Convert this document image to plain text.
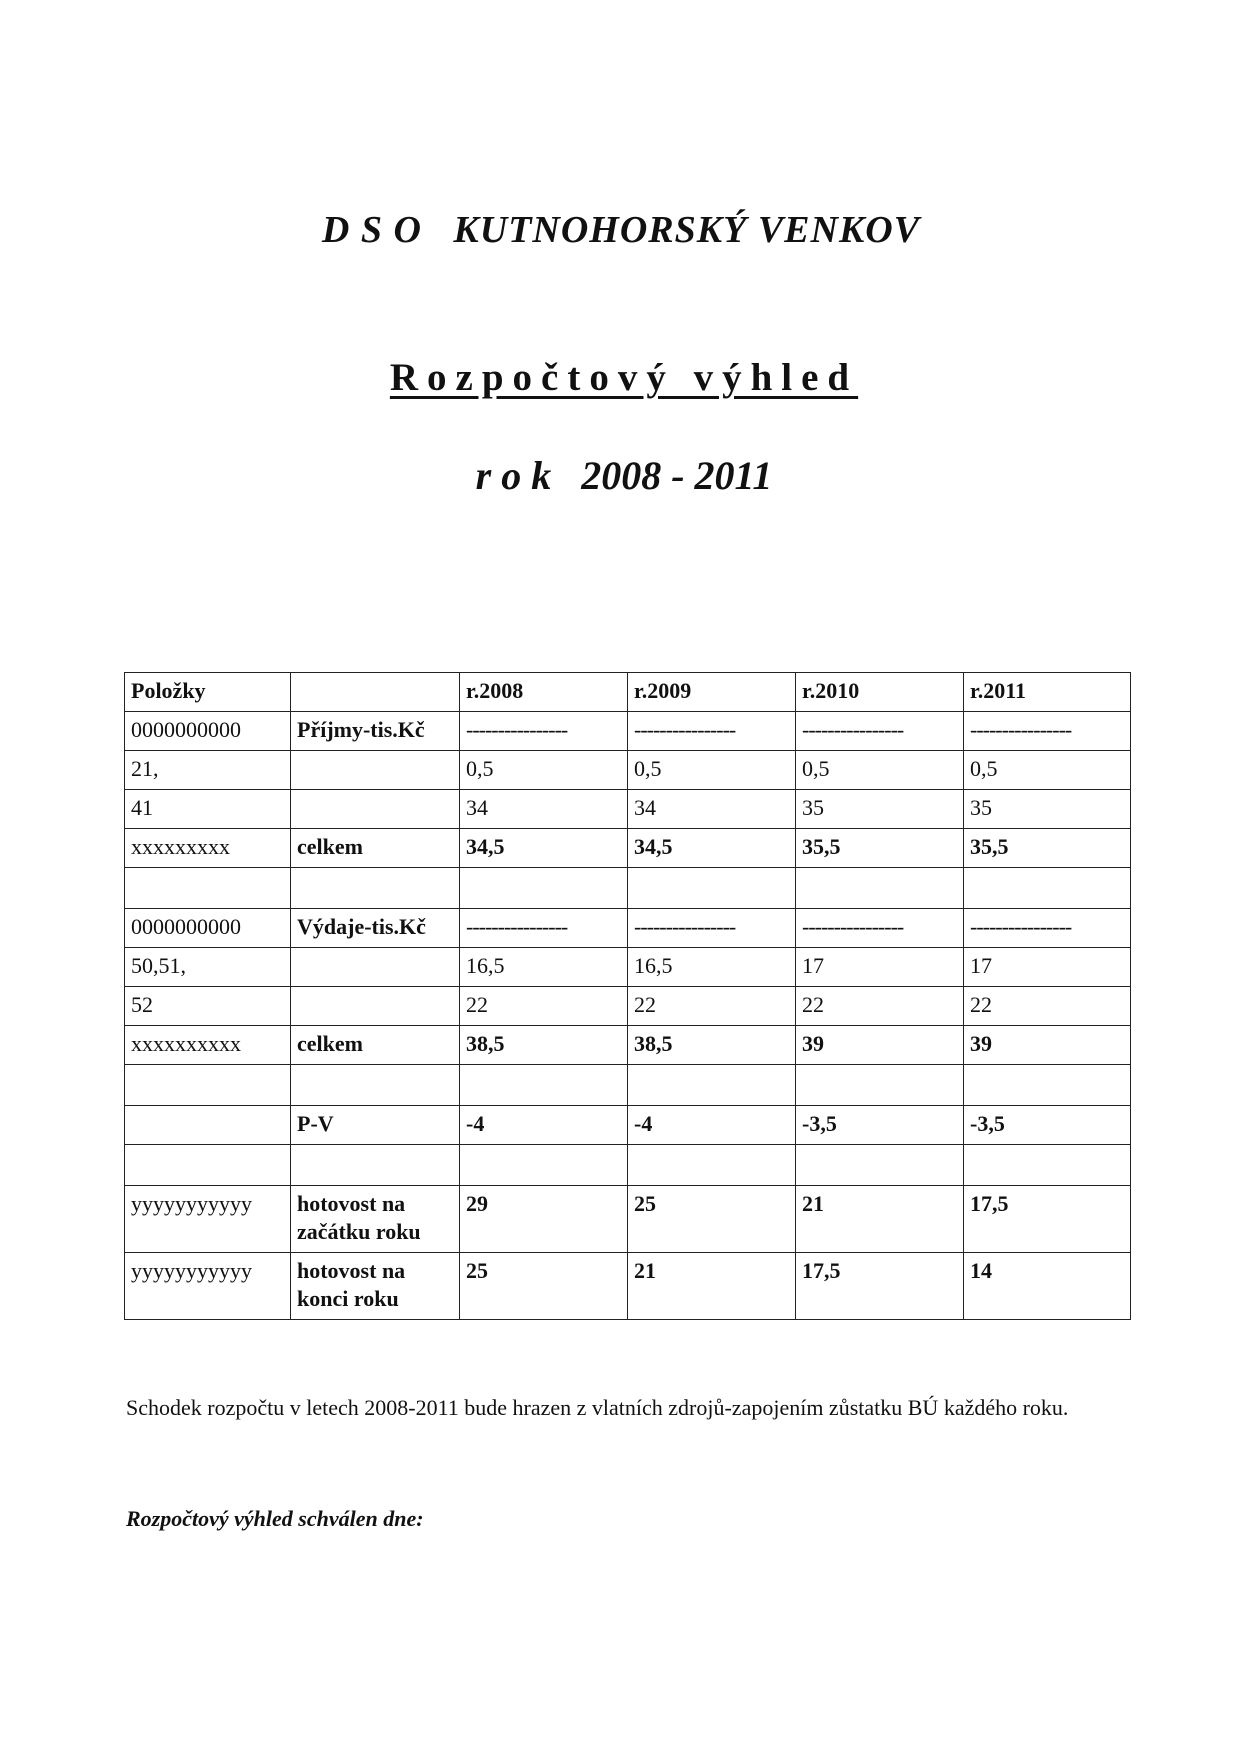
D S O   KUTNOHORSKÝ VENKOV
Rozpočtový výhled
r o k   2008 - 2011
Položky		r.2008	r.2009	r.2010	r.2011
0000000000	Příjmy-tis.Kč	----------------	----------------	----------------	----------------
21,		0,5	0,5	0,5	0,5
41		34	34	35	35
xxxxxxxxx	celkem	34,5	34,5	35,5	35,5

0000000000	Výdaje-tis.Kč	----------------	----------------	----------------	----------------
50,51,		16,5	16,5	17	17
52		22	22	22	22
xxxxxxxxxx	celkem	38,5	38,5	39	39

	P-V	-4	-4	-3,5	-3,5

yyyyyyyyyyy	hotovost na začátku roku	29	25	21	17,5
yyyyyyyyyyy	hotovost na konci roku	25	21	17,5	14
Schodek rozpočtu v letech 2008-2011 bude hrazen z vlatních zdrojů-zapojením zůstatku BÚ každého roku.
Rozpočtový výhled schválen dne:
